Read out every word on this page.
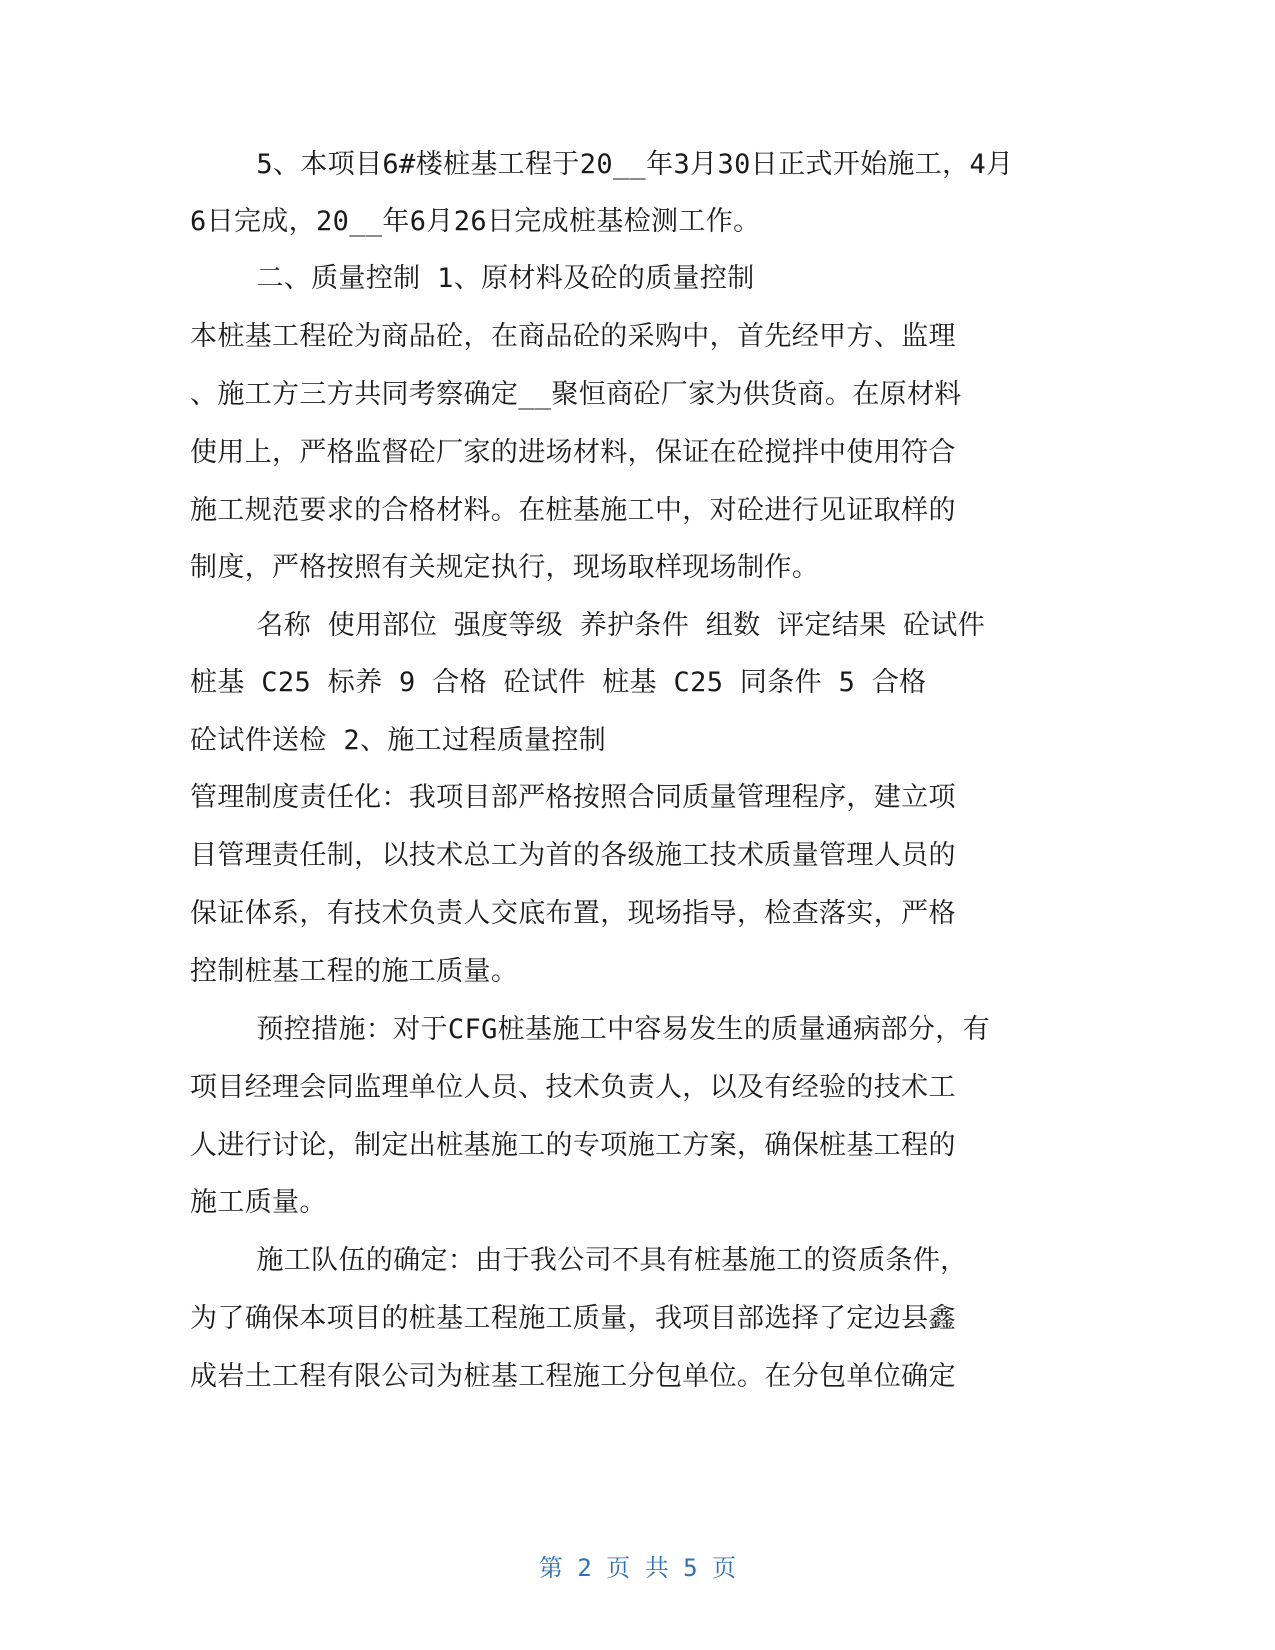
5、本项目6#楼桩基工程于20__年3月30日正式开始施工，4月
6日完成，20__年6月26日完成桩基检测工作。
二、质量控制 1、原材料及砼的质量控制
本桩基工程砼为商品砼，在商品砼的采购中，首先经甲方、监理
、施工方三方共同考察确定__聚恒商砼厂家为供货商。在原材料
使用上，严格监督砼厂家的进场材料，保证在砼搅拌中使用符合
施工规范要求的合格材料。在桩基施工中，对砼进行见证取样的
制度，严格按照有关规定执行，现场取样现场制作。
名称 使用部位 强度等级 养护条件 组数 评定结果 砼试件
桩基 C25 标养 9 合格 砼试件 桩基 C25 同条件 5 合格
砼试件送检 2、施工过程质量控制
管理制度责任化：我项目部严格按照合同质量管理程序，建立项
目管理责任制，以技术总工为首的各级施工技术质量管理人员的
保证体系，有技术负责人交底布置，现场指导，检查落实，严格
控制桩基工程的施工质量。
预控措施：对于CFG桩基施工中容易发生的质量通病部分，有
项目经理会同监理单位人员、技术负责人，以及有经验的技术工
人进行讨论，制定出桩基施工的专项施工方案，确保桩基工程的
施工质量。
施工队伍的确定：由于我公司不具有桩基施工的资质条件，
为了确保本项目的桩基工程施工质量，我项目部选择了定边县鑫
成岩土工程有限公司为桩基工程施工分包单位。在分包单位确定
第 2 页 共 5 页
